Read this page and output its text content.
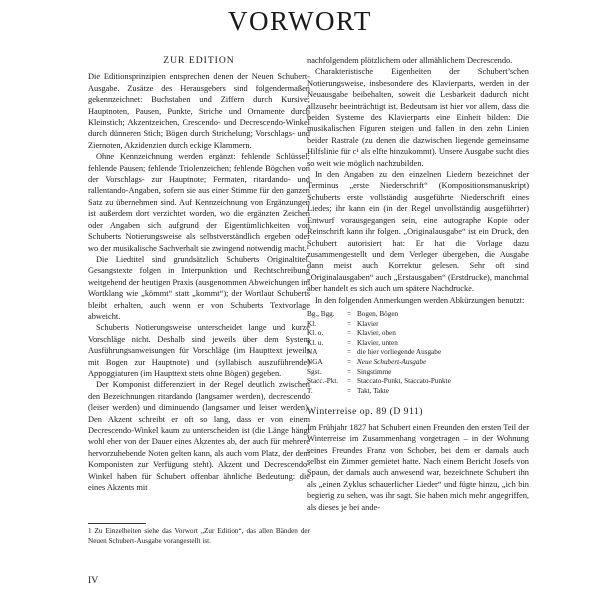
VORWORT
ZUR EDITION

Die Editionsprinzipien entsprechen denen der Neuen Schubert-Ausgabe. Zusätze des Herausgebers sind folgendermaßen gekennzeichnet: Buchstaben und Ziffern durch Kursive; Hauptnoten, Pausen, Punkte, Striche und Ornamente durch Kleinstich; Akzentzeichen, Crescendo- und Decrescendo-Winkel durch dünneren Stich; Bögen durch Strichelung; Vorschlags- und Ziernoten, Akzidenzien durch eckige Klammern.

Ohne Kennzeichnung werden ergänzt: fehlende Schlüssel; fehlende Pausen; fehlende Triolenzeichen; fehlende Bögchen von der Vorschlags- zur Hauptnote; Fermaten, ritardando- und rallentando-Angaben, sofern sie aus einer Stimme für den ganzen Satz zu übernehmen sind. Auf Kennzeichnung von Ergänzungen ist außerdem dort verzichtet worden, wo die ergänzten Zeichen oder Angaben sich aufgrund der Eigentümlichkeiten von Schuberts Notierungsweise als selbstverständlich ergeben oder wo der musikalische Sachverhalt sie zwingend notwendig macht.¹

Die Liedtitel sind grundsätzlich Schuberts Originaltitel. Gesangstexte folgen in Interpunktion und Rechtschreibung weitgehend der heutigen Praxis (ausgenommen Abweichungen im Wortklang wie „kömmt“ statt „kommt“); der Wortlaut Schuberts bleibt erhalten, auch wenn er von Schuberts Textvorlage abweicht.

Schuberts Notierungsweise unterscheidet lange und kurze Vorschläge nicht. Deshalb sind jeweils über dem System Ausführungsanweisungen für Vorschläge (im Haupttext jeweils mit Bogen zur Hauptnote) und (syllabisch auszuführende) Appoggiaturen (im Haupttext stets ohne Bögen) gegeben.

Der Komponist differenziert in der Regel deutlich zwischen den Bezeichnungen ritardando (langsamer werden), decrescendo (leiser werden) und diminuendo (langsamer und leiser werden). Den Akzent schreibt er oft so lang, dass er von einem Decrescendo-Winkel kaum zu unterscheiden ist (die Länge hängt wohl eher von der Dauer eines Akzentes ab, der auch für mehrere hervorzuhebende Noten gelten kann, als auch vom Platz, der dem Komponisten zur Verfügung steht). Akzent und Decrescendo-Winkel haben für Schubert offenbar ähnliche Bedeutung: die eines Akzents mit

1 Zu Einzelheiten siehe das Vorwort „Zur Edition“, das allen Bänden der Neuen Schubert-Ausgabe vorangestellt ist.
IV

nachfolgendem plötzlichem oder allmählichem Decrescendo.

Charakteristische Eigenheiten der Schubert’schen Notierungsweise, insbesondere des Klavierparts, werden in der Neuausgabe beibehalten, soweit die Lesbarkeit dadurch nicht allzusehr beeinträchtigt ist. Bedeutsam ist hier vor allem, dass die beiden Systeme des Klavierparts eine Einheit bilden: Die musikalischen Figuren steigen und fallen in den zehn Linien beider Rastrale (zu denen die dazwischen liegende gemeinsame Hilfslinie für c¹ als elfte hinzukommt). Unsere Ausgabe sucht dies so weit wie möglich nachzubilden.

In den Angaben zu den einzelnen Liedern bezeichnet der Terminus „erste Niederschrift“ (Kompositionsmanuskript) Schuberts erste vollständig ausgeführte Niederschrift eines Liedes; ihr kann ein (in der Regel unvollständig ausgeführter) Entwurf vorausgegangen sein, eine autographe Kopie oder Reinschrift kann ihr folgen. „Originalausgabe“ ist ein Druck, den Schubert autorisiert hat: Er hat die Vorlage dazu zusammengestellt und dem Verleger übergeben, die Ausgabe dann meist auch Korrektur gelesen. Sehr oft sind „Originalausgaben“ auch „Erstausgaben“ (Erstdrucke), manchmal aber handelt es sich auch um spätere Nachdrucke.

In den folgenden Anmerkungen werden Abkürzungen benutzt:

Bg., Bgg.	= Bogen, Bögen
Kl.	= Klavier
Kl. o.	= Klavier, oben
Kl. u.	= Klavier, unten
NA	= die hier vorliegende Ausgabe
NGA	= Neue Schubert-Ausgabe
Sgst.	= Singstimme
Stacc.-Pkt.	= Staccato-Punkt, Staccato-Punkte
T.	= Takt, Takte
Winterreise op. 89 (D 911)

Im Frühjahr 1827 hat Schubert einen Freunden den ersten Teil der Winterreise im Zusammenhang vorgetragen – in der Wohnung seines Freundes Franz von Schober, bei dem er damals auch selbst ein Zimmer gemietet hatte. Nach einem Bericht Josefs von Spaun, der damals auch anwesend war, bezeichnete Schubert ihn als „einen Zyklus schauerlicher Lieder“ und fügte hinzu, „ich bin begierig zu sehen, was ihr sagt. Sie haben mich mehr angegriffen, als dieses je bei ande-
